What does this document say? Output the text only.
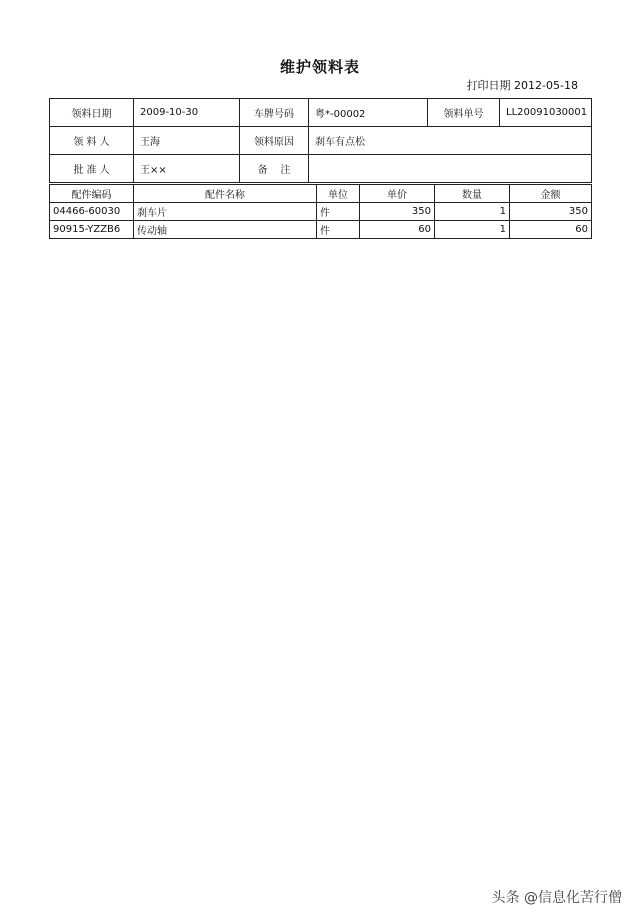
维护领料表
打印日期 2012-05-18
领料日期	2009-10-30	车牌号码	粤*-00002	领料单号	LL20091030001
领 料 人	王海	领料原因	刹车有点松		
批 准 人	王××	备    注			
配件编码	配件名称	单位	单价	数量	金额
04466-60030	刹车片	件	350	1	350
90915-YZZB6	传动轴	件	60	1	60
头条 @信息化苦行僧
